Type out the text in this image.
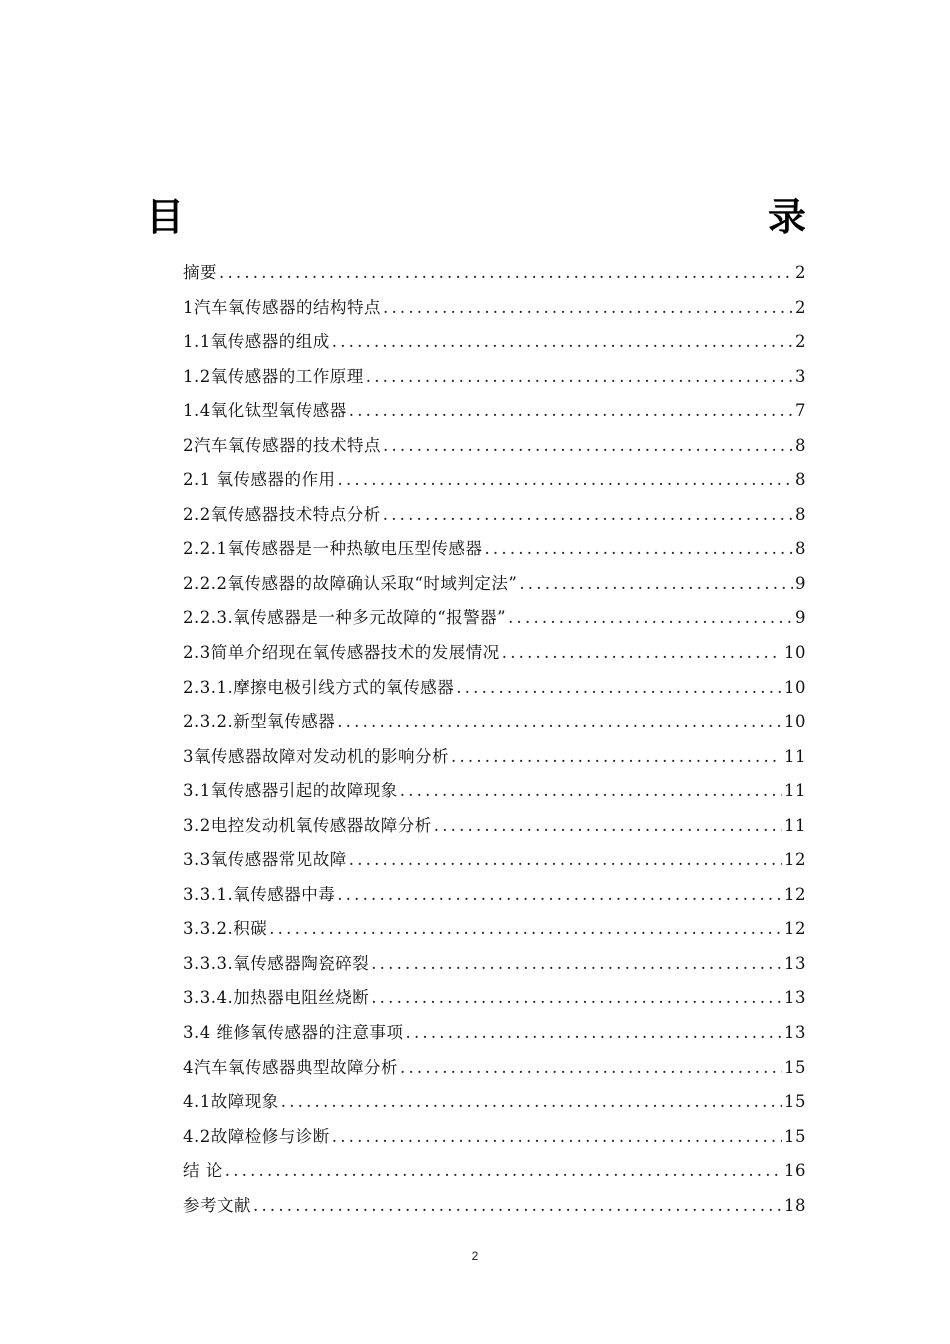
目	录
摘要 .....	2
1汽车氧传感器的结构特点 .....	2
1.1氧传感器的组成 .....	2
1.2氧传感器的工作原理 .....	3
1.4氧化钛型氧传感器 .....	7
2汽车氧传感器的技术特点 .....	8
2.1 氧传感器的作用 .....	8
2.2氧传感器技术特点分析 .....	8
2.2.1氧传感器是一种热敏电压型传感器 .....	8
2.2.2氧传感器的故障确认采取“时域判定法” .....	9
2.2.3.氧传感器是一种多元故障的“报警器” .....	9
2.3简单介绍现在氧传感器技术的发展情况 .....	10
2.3.1.摩擦电极引线方式的氧传感器 .....	10
2.3.2.新型氧传感器 .....	10
3氧传感器故障对发动机的影响分析 .....	11
3.1氧传感器引起的故障现象 .....	11
3.2电控发动机氧传感器故障分析 .....	11
3.3氧传感器常见故障 .....	12
3.3.1.氧传感器中毒 .....	12
3.3.2.积碳 .....	12
3.3.3.氧传感器陶瓷碎裂 .....	13
3.3.4.加热器电阻丝烧断 .....	13
3.4 维修氧传感器的注意事项 .....	13
4汽车氧传感器典型故障分析 .....	15
4.1故障现象 .....	15
4.2故障检修与诊断 .....	15
结 论 .....	16
参考文献 .....	18
2
